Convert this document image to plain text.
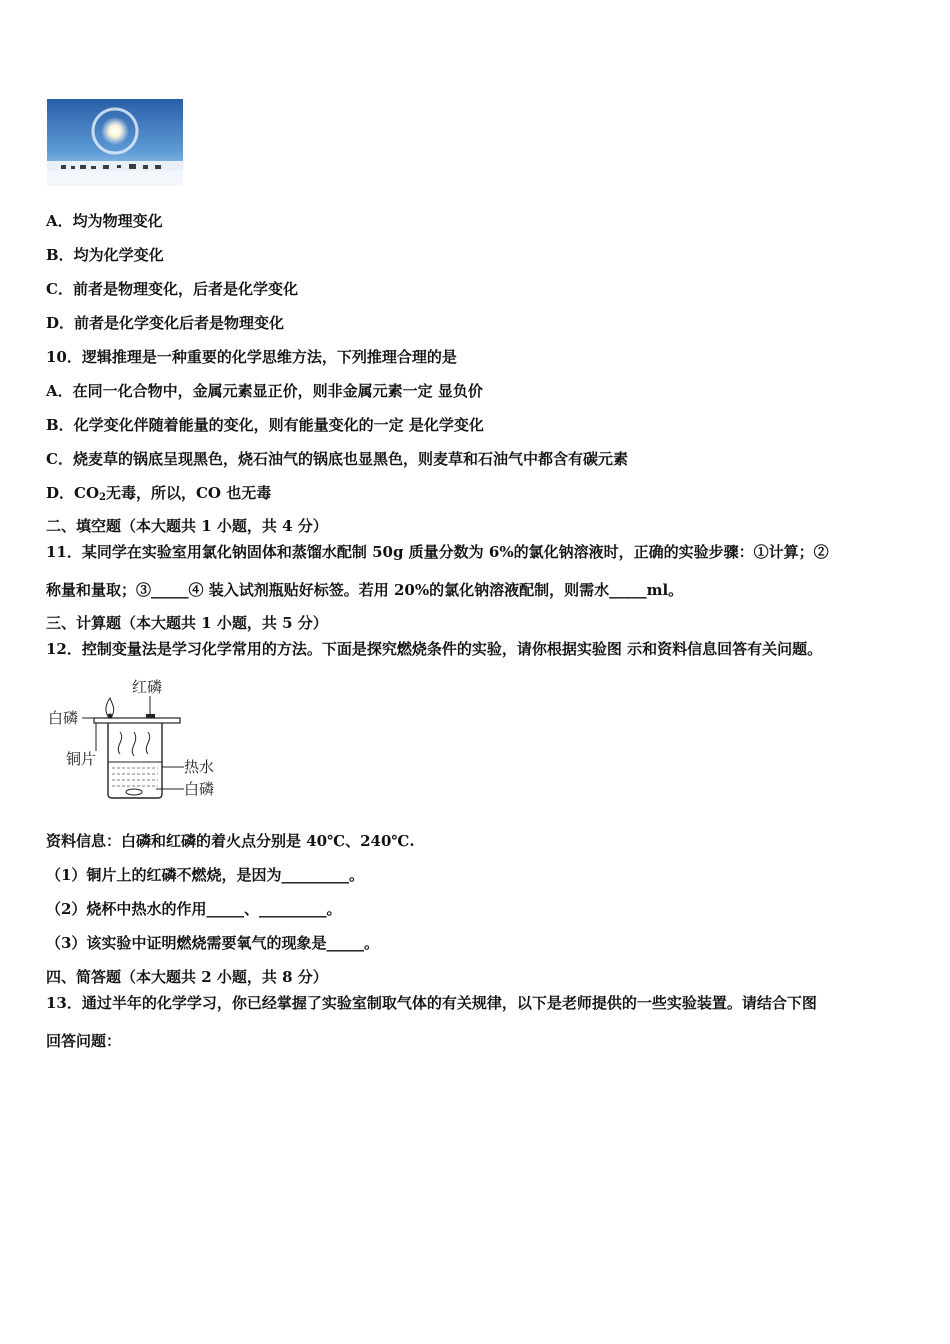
A．均为物理变化
B．均为化学变化
C．前者是物理变化，后者是化学变化
D．前者是化学变化后者是物理变化
10．逻辑推理是一种重要的化学思维方法，下列推理合理的是
A．在同一化合物中，金属元素显正价，则非金属元素一定 显负价
B．化学变化伴随着能量的变化，则有能量变化的一定 是化学变化
C．烧麦草的锅底呈现黑色，烧石油气的锅底也显黑色，则麦草和石油气中都含有碳元素
D．$CO_2$无毒，所以，CO 也无毒
二、填空题（本大题共 1 小题，共 4 分）
11．某同学在实验室用氯化钠固体和蒸馏水配制 50g 质量分数为 6%的氯化钠溶液时，正确的实验步骤：①计算；②
称量和量取；③_____④ 装入试剂瓶贴好标签。若用 20%的氯化钠溶液配制，则需水_____ml。
三、计算题（本大题共 1 小题，共 5 分）
12．控制变量法是学习化学常用的方法。下面是探究燃烧条件的实验，请你根据实验图 示和资料信息回答有关问题。
红磷
白磷
铜片	热水
白磷
资料信息：白磷和红磷的着火点分别是 40℃、240℃.
（1）铜片上的红磷不燃烧，是因为_________。
（2）烧杯中热水的作用_____、_________。
（3）该实验中证明燃烧需要氧气的现象是_____。
四、简答题（本大题共 2 小题，共 8 分）
13．通过半年的化学学习，你已经掌握了实验室制取气体的有关规律，以下是老师提供的一些实验装置。请结合下图
回答问题：
